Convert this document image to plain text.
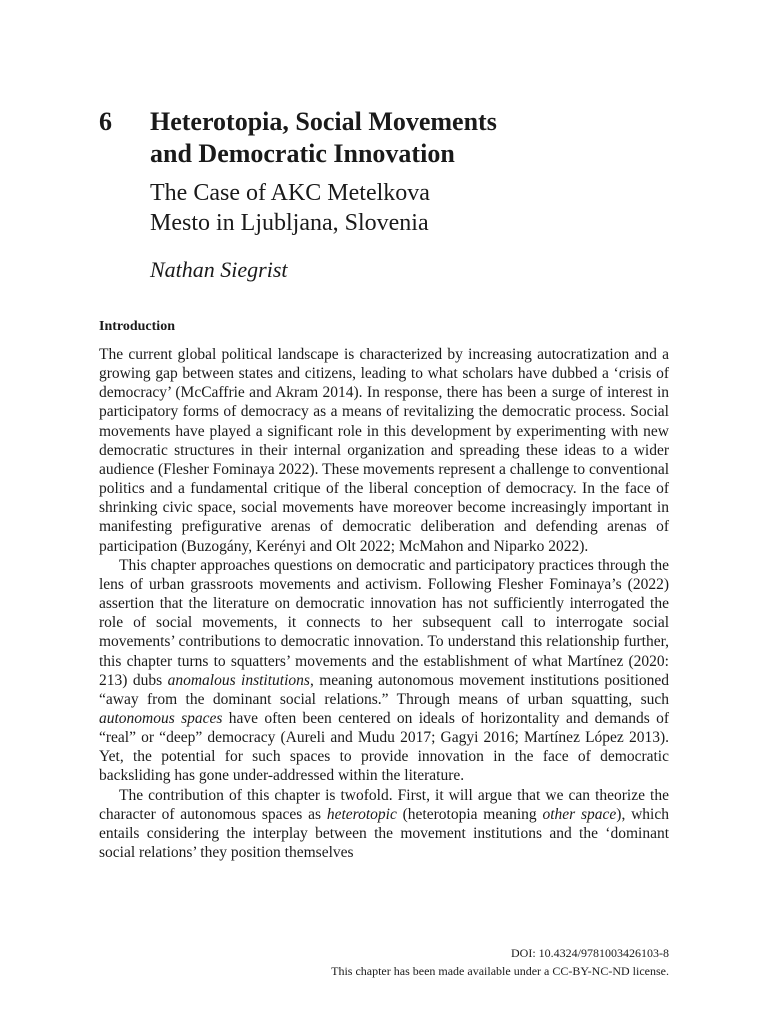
6 Heterotopia, Social Movements
and Democratic Innovation
The Case of AKC Metelkova
Mesto in Ljubljana, Slovenia

Nathan Siegrist

Introduction

The current global political landscape is characterized by increasing autocratization and a growing gap between states and citizens, leading to what scholars have dubbed a ‘crisis of democracy’ (McCaffrie and Akram 2014). In response, there has been a surge of interest in participatory forms of democracy as a means of revitalizing the democratic process. Social movements have played a significant role in this development by experimenting with new democratic structures in their internal organization and spreading these ideas to a wider audience (Flesher Fominaya 2022). These movements represent a challenge to conventional politics and a fundamental critique of the liberal conception of democracy. In the face of shrinking civic space, social movements have moreover become increasingly important in manifesting prefigurative arenas of democratic deliberation and defending arenas of participation (Buzogány, Kerényi and Olt 2022; McMahon and Niparko 2022).

This chapter approaches questions on democratic and participatory practices through the lens of urban grassroots movements and activism. Following Flesher Fominaya’s (2022) assertion that the literature on democratic innovation has not sufficiently interrogated the role of social movements, it connects to her subsequent call to interrogate social movements’ contributions to democratic innovation. To understand this relationship further, this chapter turns to squatters’ movements and the establishment of what Martínez (2020: 213) dubs anomalous institutions, meaning autonomous movement institutions positioned “away from the dominant social relations.” Through means of urban squatting, such autonomous spaces have often been centered on ideals of horizontality and demands of “real” or “deep” democracy (Aureli and Mudu 2017; Gagyi 2016; Martínez López 2013). Yet, the potential for such spaces to provide innovation in the face of democratic backsliding has gone under-addressed within the literature.

The contribution of this chapter is twofold. First, it will argue that we can theorize the character of autonomous spaces as heterotopic (heterotopia meaning other space), which entails considering the interplay between the movement institutions and the ‘dominant social relations’ they position themselves

DOI: 10.4324/9781003426103-8
This chapter has been made available under a CC-BY-NC-ND license.
